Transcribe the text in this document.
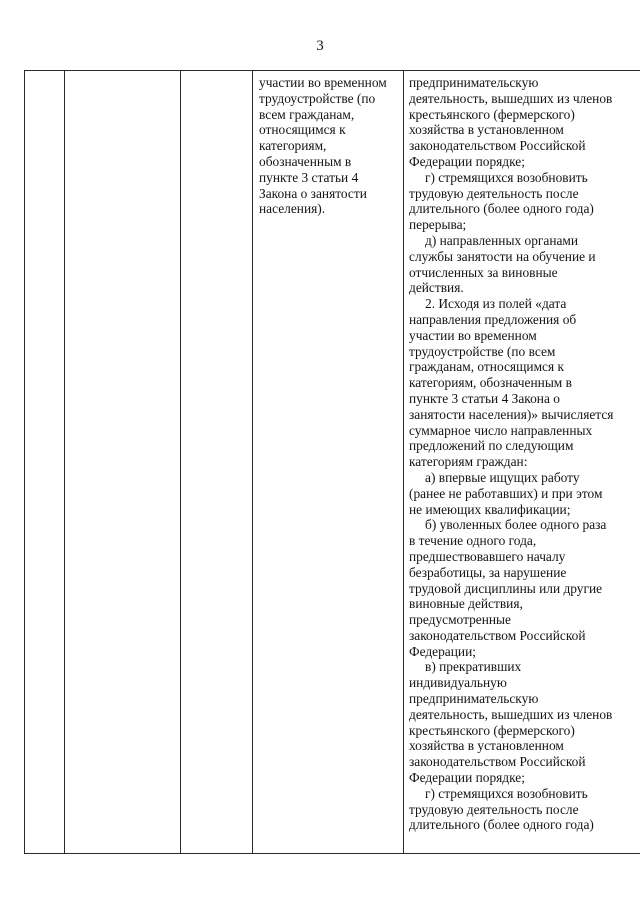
3
участии во временном
трудоустройстве (по
всем гражданам,
относящимся к
категориям,
обозначенным в
пункте 3 статьи 4
Закона о занятости
населения).
предпринимательскую
деятельность, вышедших из членов
крестьянского (фермерского)
хозяйства в установленном
законодательством Российской
Федерации порядке;
г) стремящихся возобновить
трудовую деятельность после
длительного (более одного года)
перерыва;
д) направленных органами
службы занятости на обучение и
отчисленных за виновные
действия.
2. Исходя из полей «дата
направления предложения об
участии во временном
трудоустройстве (по всем
гражданам, относящимся к
категориям, обозначенным в
пункте 3 статьи 4 Закона о
занятости населения)» вычисляется
суммарное число направленных
предложений по следующим
категориям граждан:
а) впервые ищущих работу
(ранее не работавших) и при этом
не имеющих квалификации;
б) уволенных более одного раза
в течение одного года,
предшествовавшего началу
безработицы, за нарушение
трудовой дисциплины или другие
виновные действия,
предусмотренные
законодательством Российской
Федерации;
в) прекративших
индивидуальную
предпринимательскую
деятельность, вышедших из членов
крестьянского (фермерского)
хозяйства в установленном
законодательством Российской
Федерации порядке;
г) стремящихся возобновить
трудовую деятельность после
длительного (более одного года)
